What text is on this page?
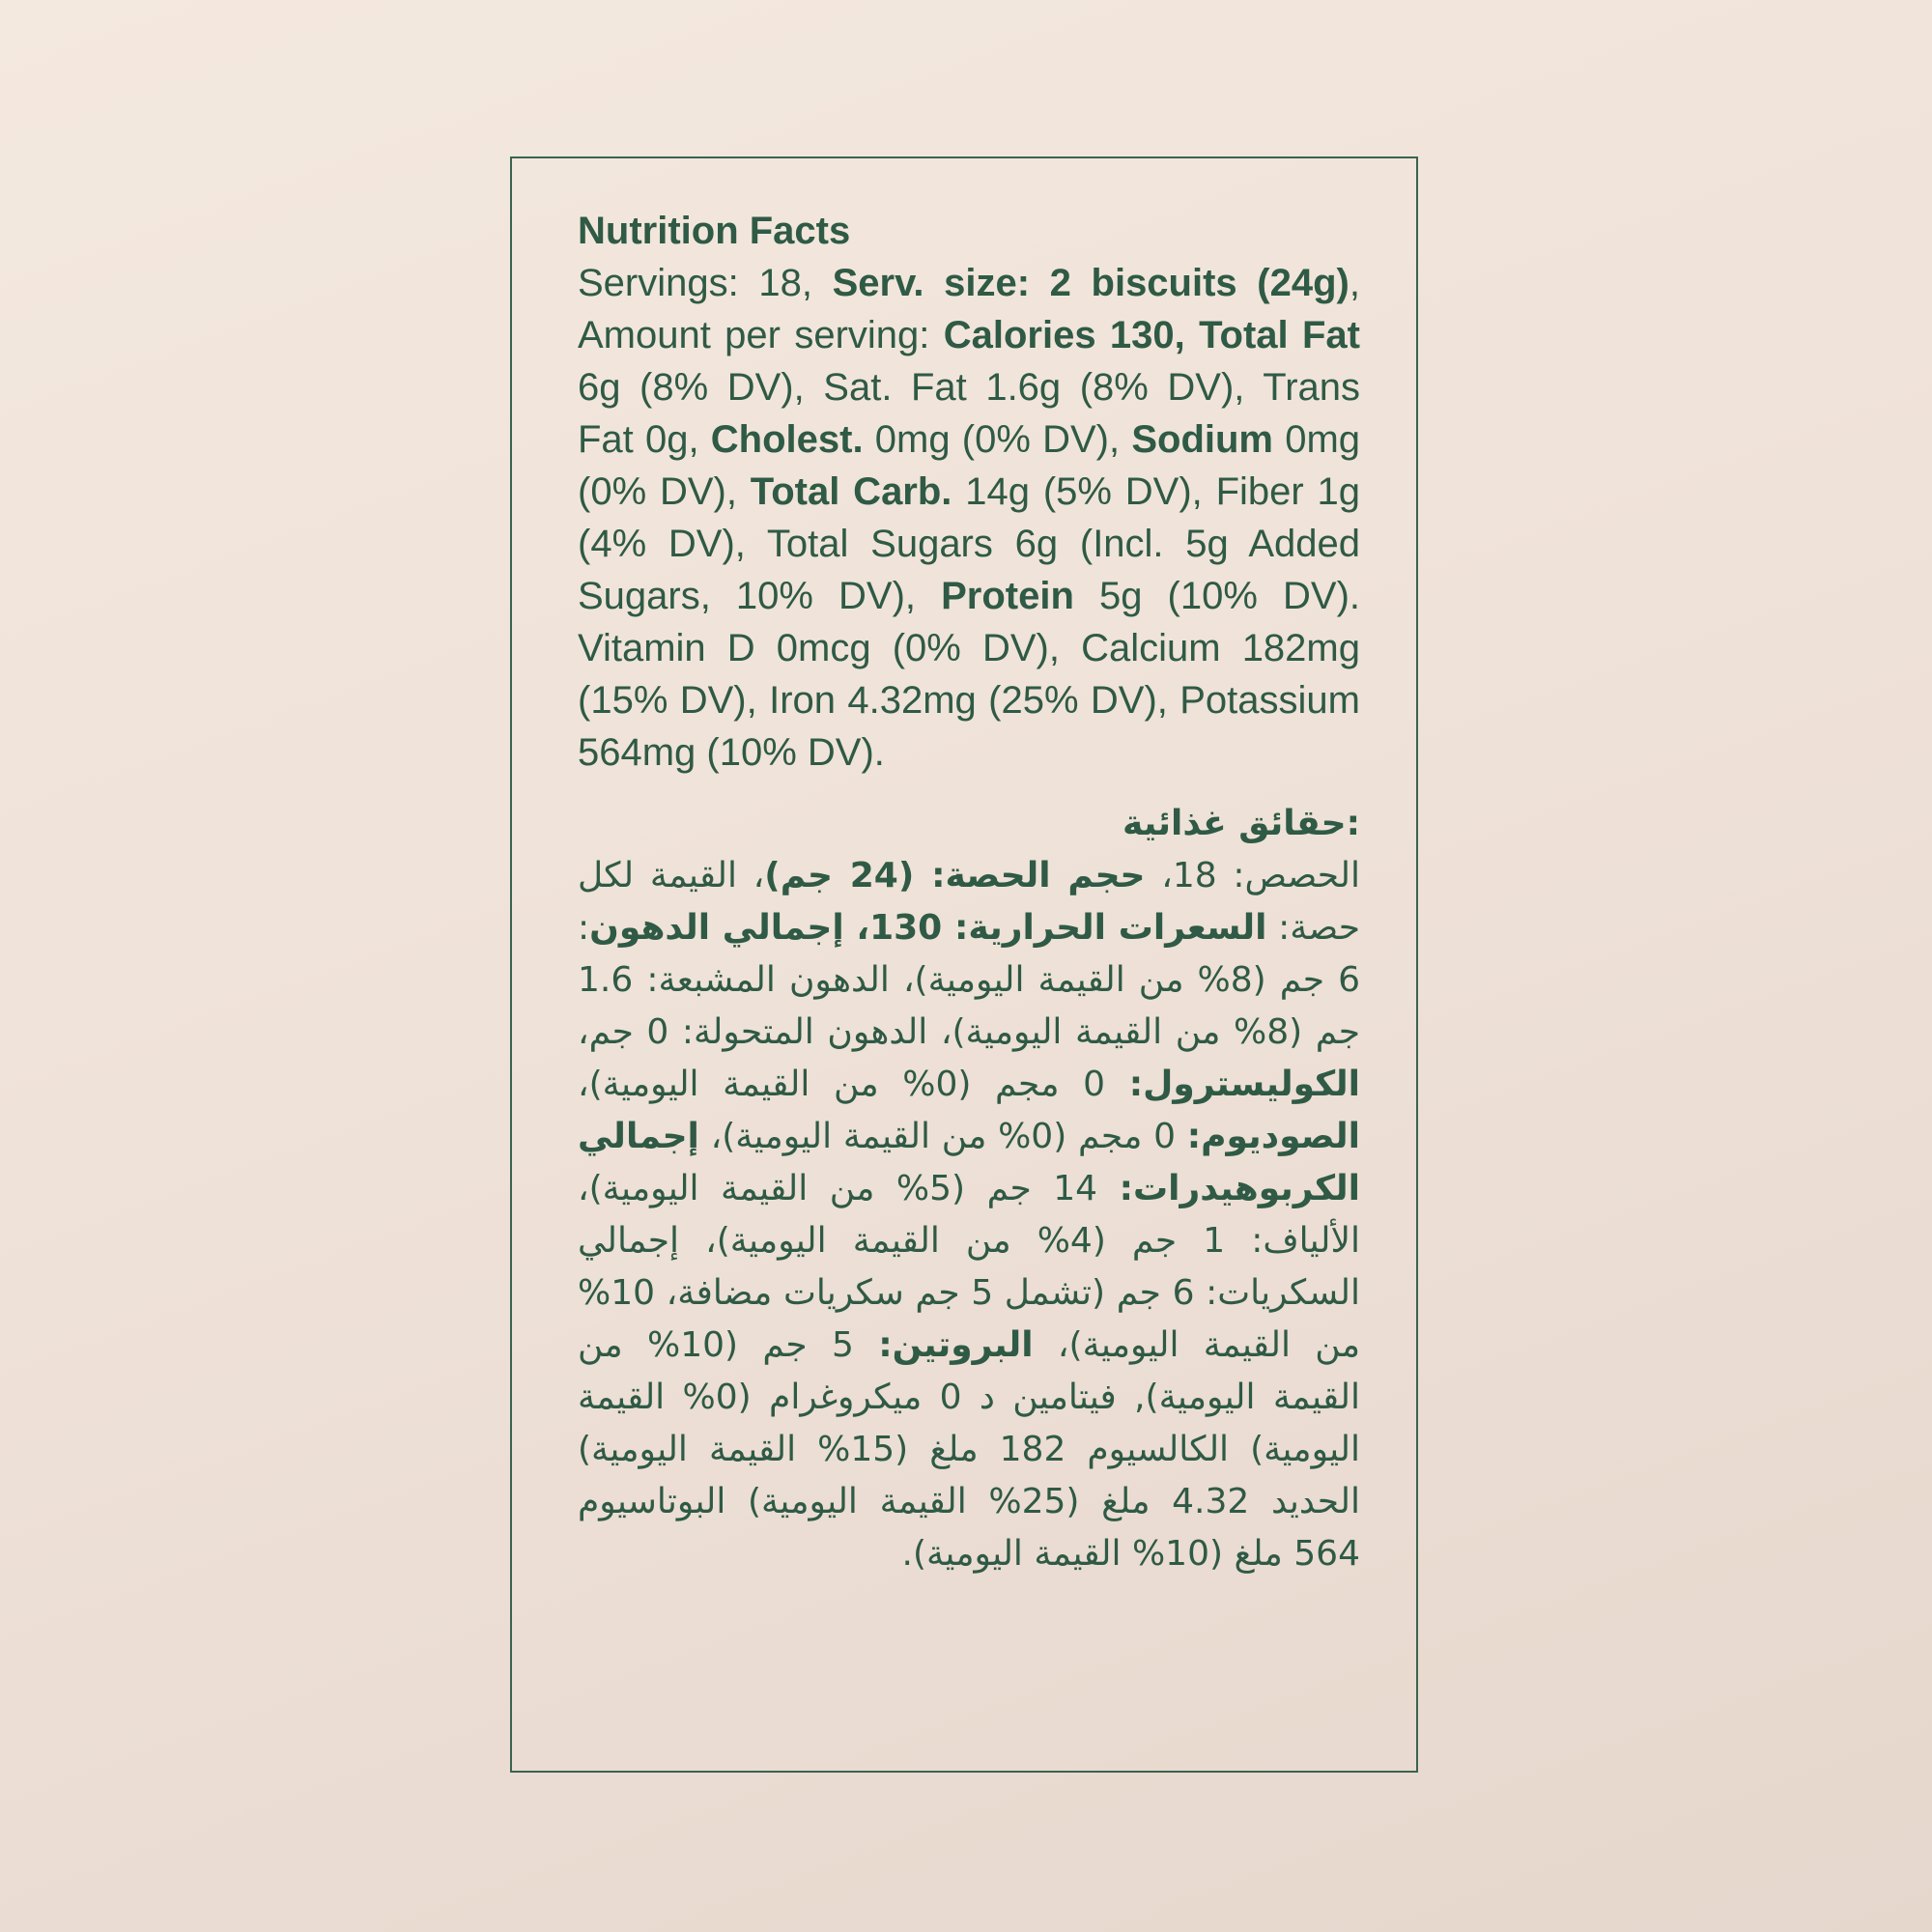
Nutrition Facts
Servings: 18, Serv. size: 2 biscuits (24g), Amount per serving: Calories 130, Total Fat 6g (8% DV), Sat. Fat 1.6g (8% DV), Trans Fat 0g, Cholest. 0mg (0% DV), Sodium 0mg (0% DV), Total Carb. 14g (5% DV), Fiber 1g (4% DV), Total Sugars 6g (Incl. 5g Added Sugars, 10% DV), Protein 5g (10% DV). Vitamin D 0mcg (0% DV), Calcium 182mg (15% DV), Iron 4.32mg (25% DV), Potassium 564mg (10% DV).
:حقائق غذائية
الحصص: 18، حجم الحصة: (24 جم)، القيمة لكل حصة: السعرات الحرارية: 130، إجمالي الدهون: 6 جم (8% من القيمة اليومية)، الدهون المشبعة: 1.6 جم (8% من القيمة اليومية)، الدهون المتحولة: 0 جم، الكوليسترول: 0 مجم (0% من القيمة اليومية)، الصوديوم: 0 مجم (0% من القيمة اليومية)، إجمالي الكربوهيدرات: 14 جم (5% من القيمة اليومية)، الألياف: 1 جم (4% من القيمة اليومية)، إجمالي السكريات: 6 جم (تشمل 5 جم سكريات مضافة، 10% من القيمة اليومية)، البروتين: 5 جم (10% من القيمة اليومية), فيتامين د 0 ميكروغرام (0% القيمة اليومية) الكالسيوم 182 ملغ (15% القيمة اليومية) الحديد 4.32 ملغ (25% القيمة اليومية) البوتاسيوم 564 ملغ (10% القيمة اليومية).
